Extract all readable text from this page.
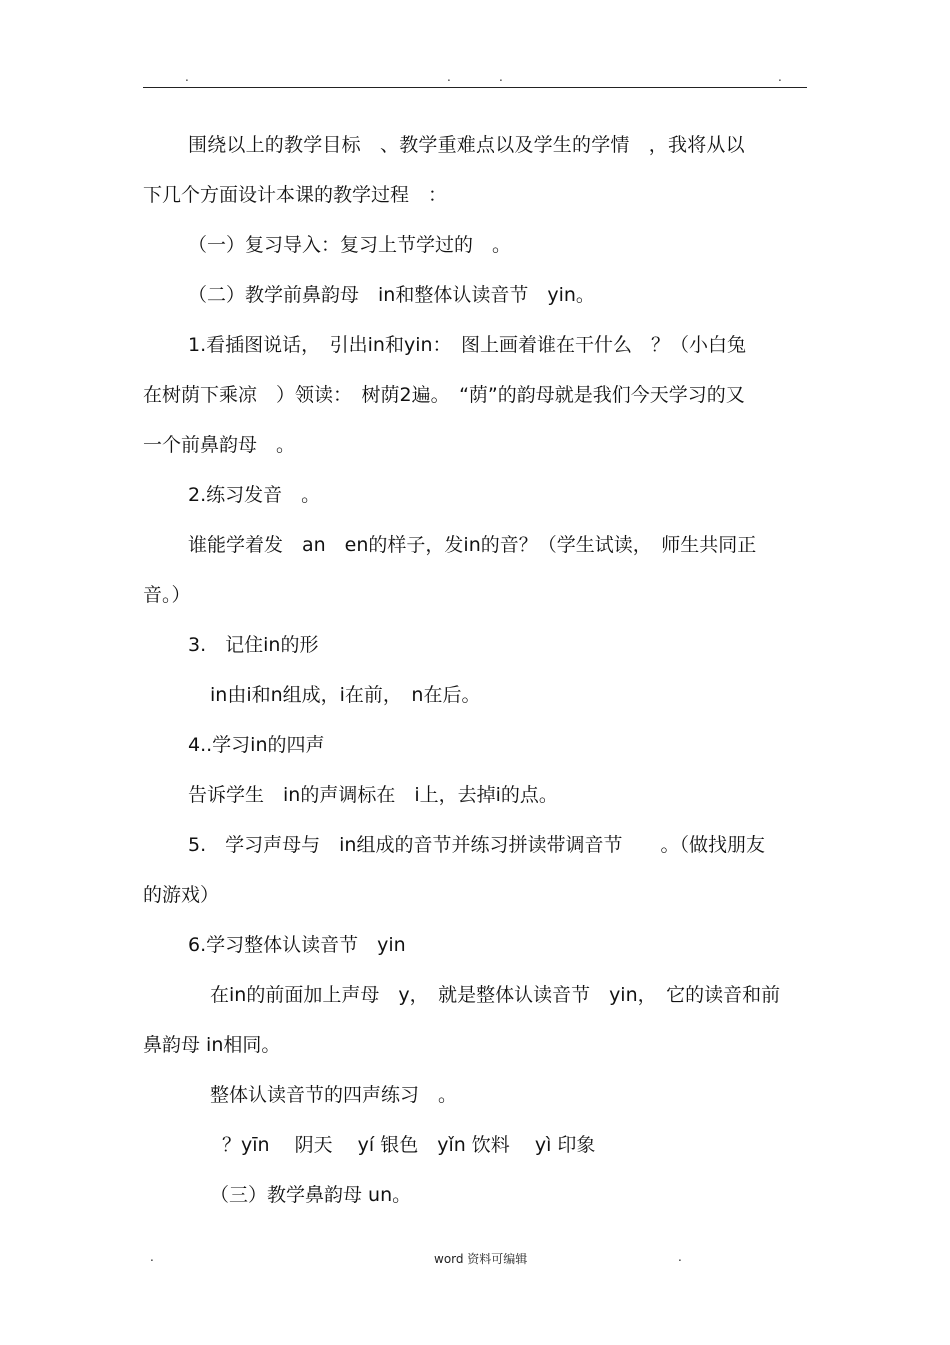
.	.	.	.
围绕以上的教学目标　、教学重难点以及学生的学情　，我将从以
下几个方面设计本课的教学过程　：
（一）复习导入：复习上节学过的　。
（二）教学前鼻韵母　in和整体认读音节　yin。
1.看插图说话，　引出in和yin：　图上画着谁在干什么　？（小白兔
在树荫下乘凉　）领读：　树荫2遍。　“荫”的韵母就是我们今天学习的又
一个前鼻韵母　。
2.练习发音　。
谁能学着发　an　en的样子，发in的音？（学生试读，　师生共同正
音。）
3.　记住in的形
in由i和n组成，i在前，　n在后。
4..学习in的四声
告诉学生　in的声调标在　i上，去掉i的点。
5.　学习声母与　in组成的音节并练习拼读带调音节　　。（做找朋友
的游戏）
6.学习整体认读音节　yin
在in的前面加上声母　y，　就是整体认读音节　yin，　它的读音和前
鼻韵母 in相同。
整体认读音节的四声练习　。
？yīn　 阴天　 yí 银色　yǐn 饮料　 yì 印象
（三）教学鼻韵母 un。
.	word 资料可编辑	.
